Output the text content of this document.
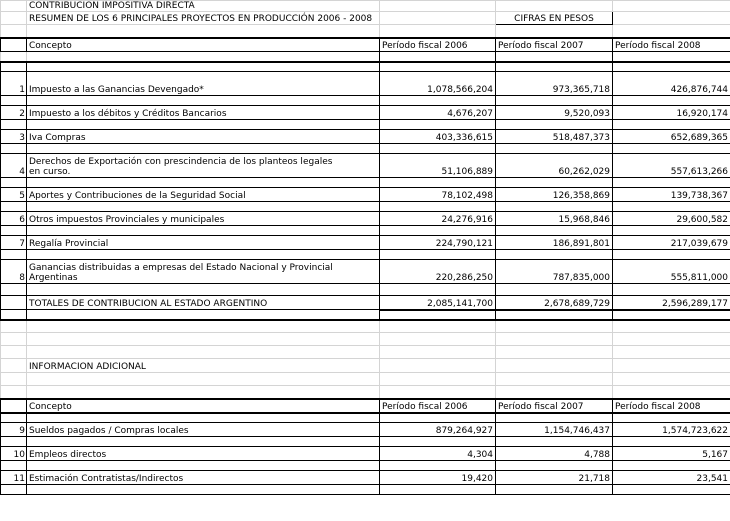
	CONTRIBUCION IMPOSITIVA DIRECTA			
	RESUMEN DE LOS 6 PRINCIPALES PROYECTOS EN PRODUCCIÓN 2006 - 2008		CIFRAS EN PESOS	

	Concepto	Período fiscal 2006	Período fiscal 2007	Período fiscal 2008

1	Impuesto a las Ganancias Devengado*	1,078,566,204	973,365,718	426,876,744

2	Impuesto a los débitos y Créditos Bancarios	4,676,207	9,520,093	16,920,174

3	Iva Compras	403,336,615	518,487,373	652,689,365

4	Derechos de Exportación con prescindencia de los planteos legales
en curso.	51,106,889	60,262,029	557,613,266

5	Aportes y Contribuciones de la Seguridad Social	78,102,498	126,358,869	139,738,367

6	Otros impuestos Provinciales y municipales	24,276,916	15,968,846	29,600,582

7	Regalía Provincial	224,790,121	186,891,801	217,039,679

8	Ganancias distribuidas a empresas del Estado Nacional y Provincial
Argentinas	220,286,250	787,835,000	555,811,000

	TOTALES DE CONTRIBUCION AL ESTADO ARGENTINO	2,085,141,700	2,678,689,729	2,596,289,177

	INFORMACION ADICIONAL			

	Concepto	Período fiscal 2006	Período fiscal 2007	Período fiscal 2008

9	Sueldos pagados / Compras locales	879,264,927	1,154,746,437	1,574,723,622

10	Empleos directos	4,304	4,788	5,167

11	Estimación Contratistas/Indirectos	19,420	21,718	23,541
